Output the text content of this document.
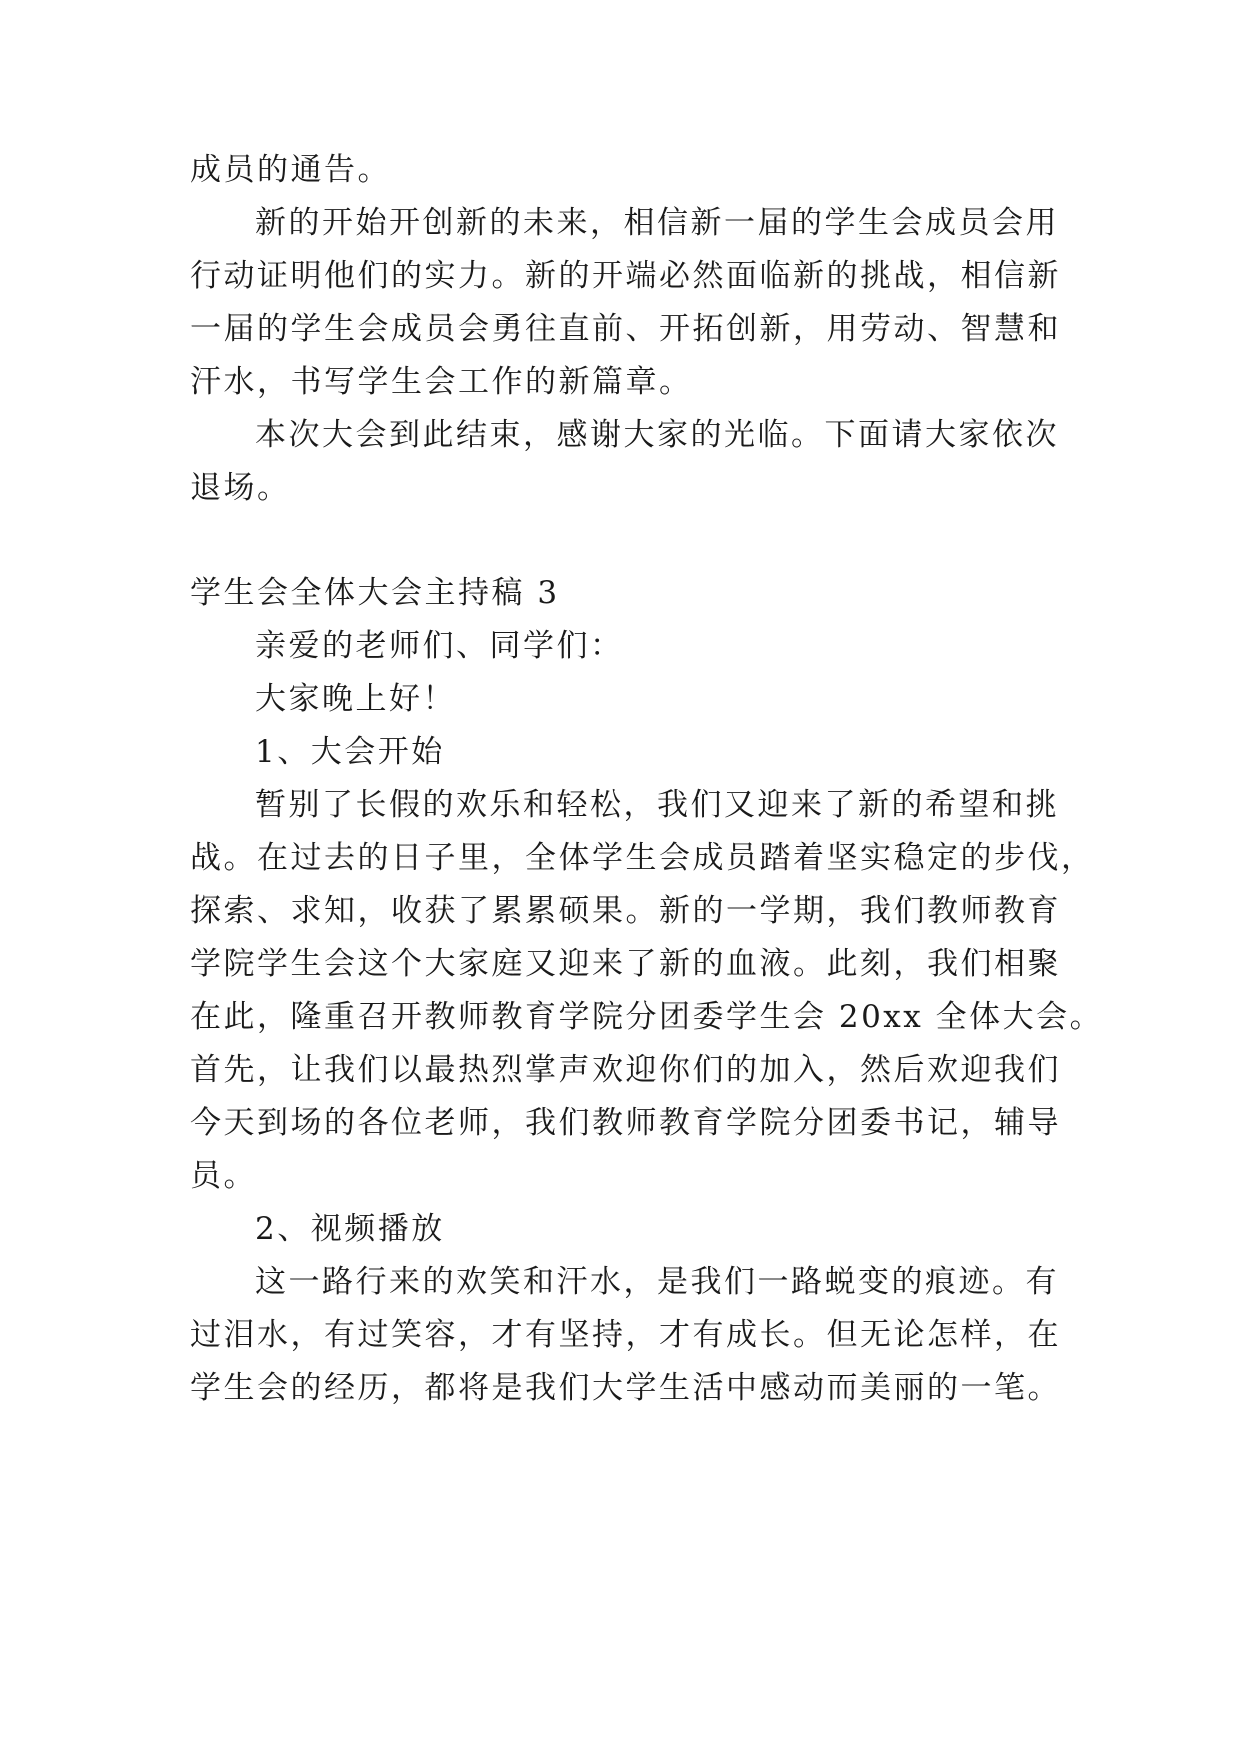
成员的通告。
新的开始开创新的未来，相信新一届的学生会成员会用
行动证明他们的实力。新的开端必然面临新的挑战，相信新
一届的学生会成员会勇往直前、开拓创新，用劳动、智慧和
汗水，书写学生会工作的新篇章。
本次大会到此结束，感谢大家的光临。下面请大家依次
退场。
学生会全体大会主持稿 3
亲爱的老师们、同学们：
大家晚上好！
1、大会开始
暂别了长假的欢乐和轻松，我们又迎来了新的希望和挑
战。在过去的日子里，全体学生会成员踏着坚实稳定的步伐，
探索、求知，收获了累累硕果。新的一学期，我们教师教育
学院学生会这个大家庭又迎来了新的血液。此刻，我们相聚
在此，隆重召开教师教育学院分团委学生会 20xx 全体大会。
首先，让我们以最热烈掌声欢迎你们的加入，然后欢迎我们
今天到场的各位老师，我们教师教育学院分团委书记，辅导
员。
2、视频播放
这一路行来的欢笑和汗水，是我们一路蜕变的痕迹。有
过泪水，有过笑容，才有坚持，才有成长。但无论怎样，在
学生会的经历，都将是我们大学生活中感动而美丽的一笔。
